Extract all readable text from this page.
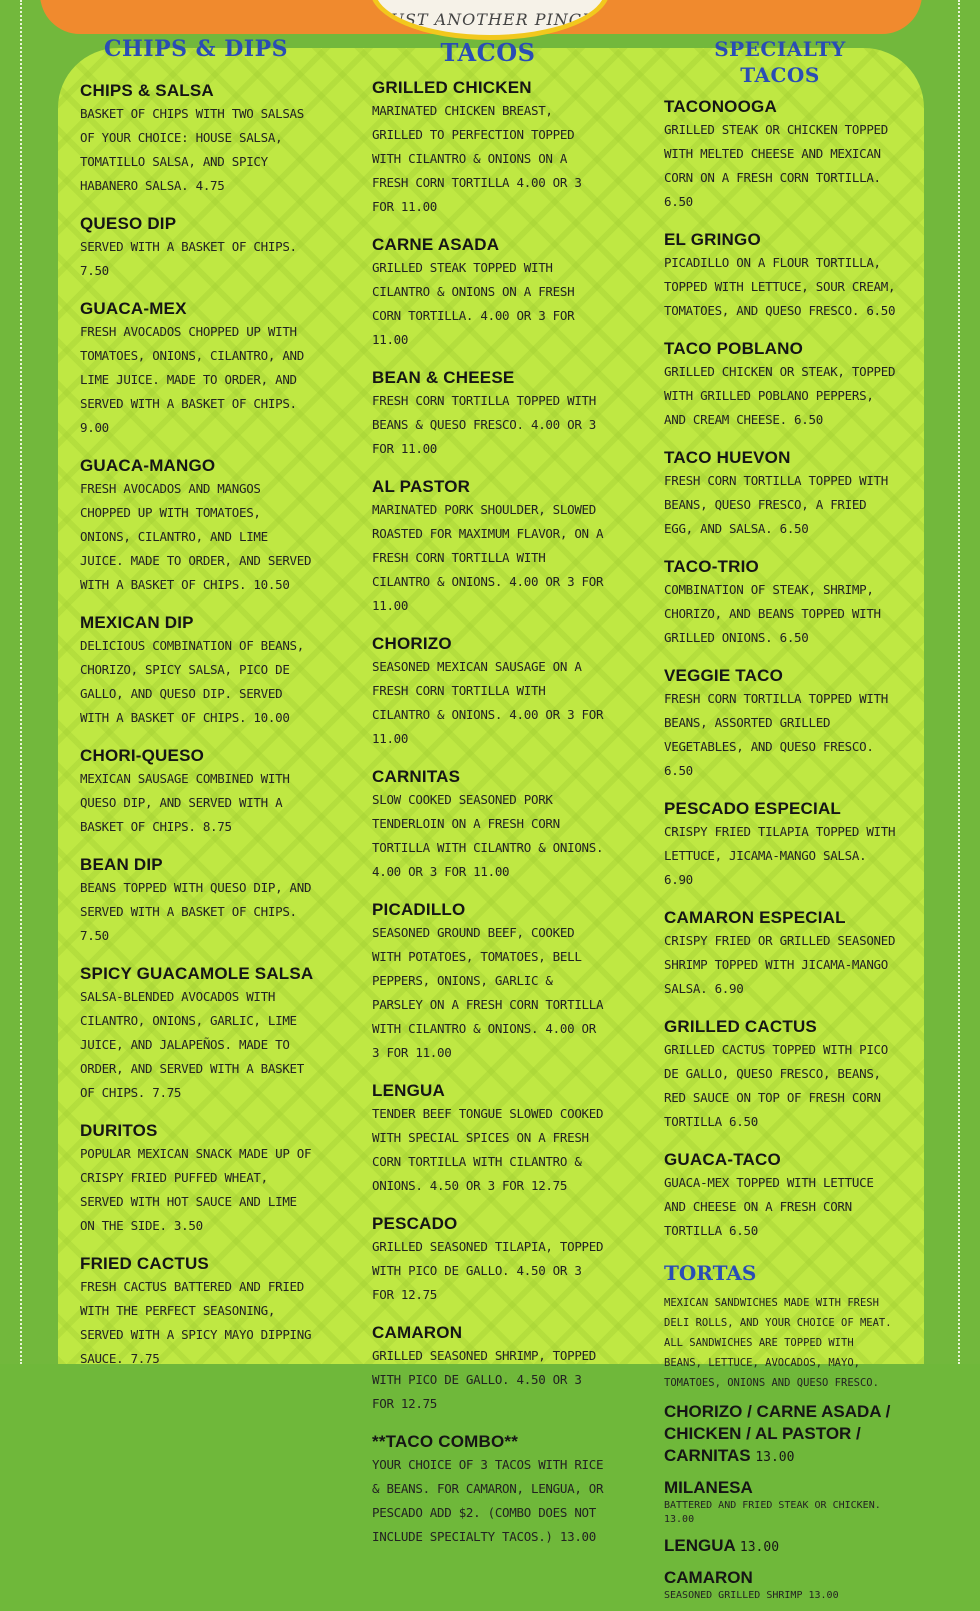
JUST ANOTHER PINCH
CHIPS & DIPS	TACOS	SPECIALTY
TACOS
CHIPS & SALSA
BASKET OF CHIPS WITH TWO SALSAS OF YOUR CHOICE: HOUSE SALSA, TOMATILLO SALSA, AND SPICY HABANERO SALSA. 4.75
QUESO DIP
SERVED WITH A BASKET OF CHIPS. 7.50
GUACA-MEX
FRESH AVOCADOS CHOPPED UP WITH TOMATOES, ONIONS, CILANTRO, AND LIME JUICE. MADE TO ORDER, AND SERVED WITH A BASKET OF CHIPS. 9.00
GUACA-MANGO
FRESH AVOCADOS AND MANGOS CHOPPED UP WITH TOMATOES, ONIONS, CILANTRO, AND LIME JUICE. MADE TO ORDER, AND SERVED WITH A BASKET OF CHIPS. 10.50
MEXICAN DIP
DELICIOUS COMBINATION OF BEANS, CHORIZO, SPICY SALSA, PICO DE GALLO, AND QUESO DIP. SERVED WITH A BASKET OF CHIPS. 10.00
CHORI-QUESO
MEXICAN SAUSAGE COMBINED WITH QUESO DIP, AND SERVED WITH A BASKET OF CHIPS. 8.75
BEAN DIP
BEANS TOPPED WITH QUESO DIP, AND SERVED WITH A BASKET OF CHIPS. 7.50
SPICY GUACAMOLE SALSA
SALSA-BLENDED AVOCADOS WITH CILANTRO, ONIONS, GARLIC, LIME JUICE, AND JALAPEÑOS. MADE TO ORDER, AND SERVED WITH A BASKET OF CHIPS. 7.75
DURITOS
POPULAR MEXICAN SNACK MADE UP OF CRISPY FRIED PUFFED WHEAT, SERVED WITH HOT SAUCE AND LIME ON THE SIDE. 3.50
FRIED CACTUS
FRESH CACTUS BATTERED AND FRIED WITH THE PERFECT SEASONING, SERVED WITH A SPICY MAYO DIPPING SAUCE. 7.75
GRILLED CHICKEN
MARINATED CHICKEN BREAST, GRILLED TO PERFECTION TOPPED WITH CILANTRO & ONIONS ON A FRESH CORN TORTILLA 4.00 OR 3 FOR 11.00
CARNE ASADA
GRILLED STEAK TOPPED WITH CILANTRO & ONIONS ON A FRESH CORN TORTILLA. 4.00 OR 3 FOR 11.00
BEAN & CHEESE
FRESH CORN TORTILLA TOPPED WITH BEANS & QUESO FRESCO. 4.00 OR 3 FOR 11.00
AL PASTOR
MARINATED PORK SHOULDER, SLOWED ROASTED FOR MAXIMUM FLAVOR, ON A FRESH CORN TORTILLA WITH CILANTRO & ONIONS. 4.00 OR 3 FOR 11.00
CHORIZO
SEASONED MEXICAN SAUSAGE ON A FRESH CORN TORTILLA WITH CILANTRO & ONIONS. 4.00 OR 3 FOR 11.00
CARNITAS
SLOW COOKED SEASONED PORK TENDERLOIN ON A FRESH CORN TORTILLA WITH CILANTRO & ONIONS. 4.00 OR 3 FOR 11.00
PICADILLO
SEASONED GROUND BEEF, COOKED WITH POTATOES, TOMATOES, BELL PEPPERS, ONIONS, GARLIC & PARSLEY ON A FRESH CORN TORTILLA WITH CILANTRO & ONIONS. 4.00 OR 3 FOR 11.00
LENGUA
TENDER BEEF TONGUE SLOWED COOKED WITH SPECIAL SPICES ON A FRESH CORN TORTILLA WITH CILANTRO & ONIONS. 4.50 OR 3 FOR 12.75
PESCADO
GRILLED SEASONED TILAPIA, TOPPED WITH PICO DE GALLO. 4.50 OR 3 FOR 12.75
CAMARON
GRILLED SEASONED SHRIMP, TOPPED WITH PICO DE GALLO. 4.50 OR 3 FOR 12.75
**TACO COMBO**
YOUR CHOICE OF 3 TACOS WITH RICE & BEANS. FOR CAMARON, LENGUA, OR PESCADO ADD $2. (COMBO DOES NOT INCLUDE SPECIALTY TACOS.) 13.00
TACONOOGA
GRILLED STEAK OR CHICKEN TOPPED WITH MELTED CHEESE AND MEXICAN CORN ON A FRESH CORN TORTILLA. 6.50
EL GRINGO
PICADILLO ON A FLOUR TORTILLA, TOPPED WITH LETTUCE, SOUR CREAM, TOMATOES, AND QUESO FRESCO. 6.50
TACO POBLANO
GRILLED CHICKEN OR STEAK, TOPPED WITH GRILLED POBLANO PEPPERS, AND CREAM CHEESE. 6.50
TACO HUEVON
FRESH CORN TORTILLA TOPPED WITH BEANS, QUESO FRESCO, A FRIED EGG, AND SALSA. 6.50
TACO-TRIO
COMBINATION OF STEAK, SHRIMP, CHORIZO, AND BEANS TOPPED WITH GRILLED ONIONS. 6.50
VEGGIE TACO
FRESH CORN TORTILLA TOPPED WITH BEANS, ASSORTED GRILLED VEGETABLES, AND QUESO FRESCO. 6.50
PESCADO ESPECIAL
CRISPY FRIED TILAPIA TOPPED WITH LETTUCE, JICAMA-MANGO SALSA. 6.90
CAMARON ESPECIAL
CRISPY FRIED OR GRILLED SEASONED SHRIMP TOPPED WITH JICAMA-MANGO SALSA. 6.90
GRILLED CACTUS
GRILLED CACTUS TOPPED WITH PICO DE GALLO, QUESO FRESCO, BEANS, RED SAUCE ON TOP OF FRESH CORN TORTILLA 6.50
GUACA-TACO
GUACA-MEX TOPPED WITH LETTUCE AND CHEESE ON A FRESH CORN TORTILLA 6.50
TORTAS
MEXICAN SANDWICHES MADE WITH FRESH DELI ROLLS, AND YOUR CHOICE OF MEAT. ALL SANDWICHES ARE TOPPED WITH BEANS, LETTUCE, AVOCADOS, MAYO, TOMATOES, ONIONS AND QUESO FRESCO.
CHORIZO / CARNE ASADA / CHICKEN / AL PASTOR / CARNITAS 13.00
MILANESA
BATTERED AND FRIED STEAK OR CHICKEN. 13.00
LENGUA 13.00
CAMARON
SEASONED GRILLED SHRIMP 13.00
